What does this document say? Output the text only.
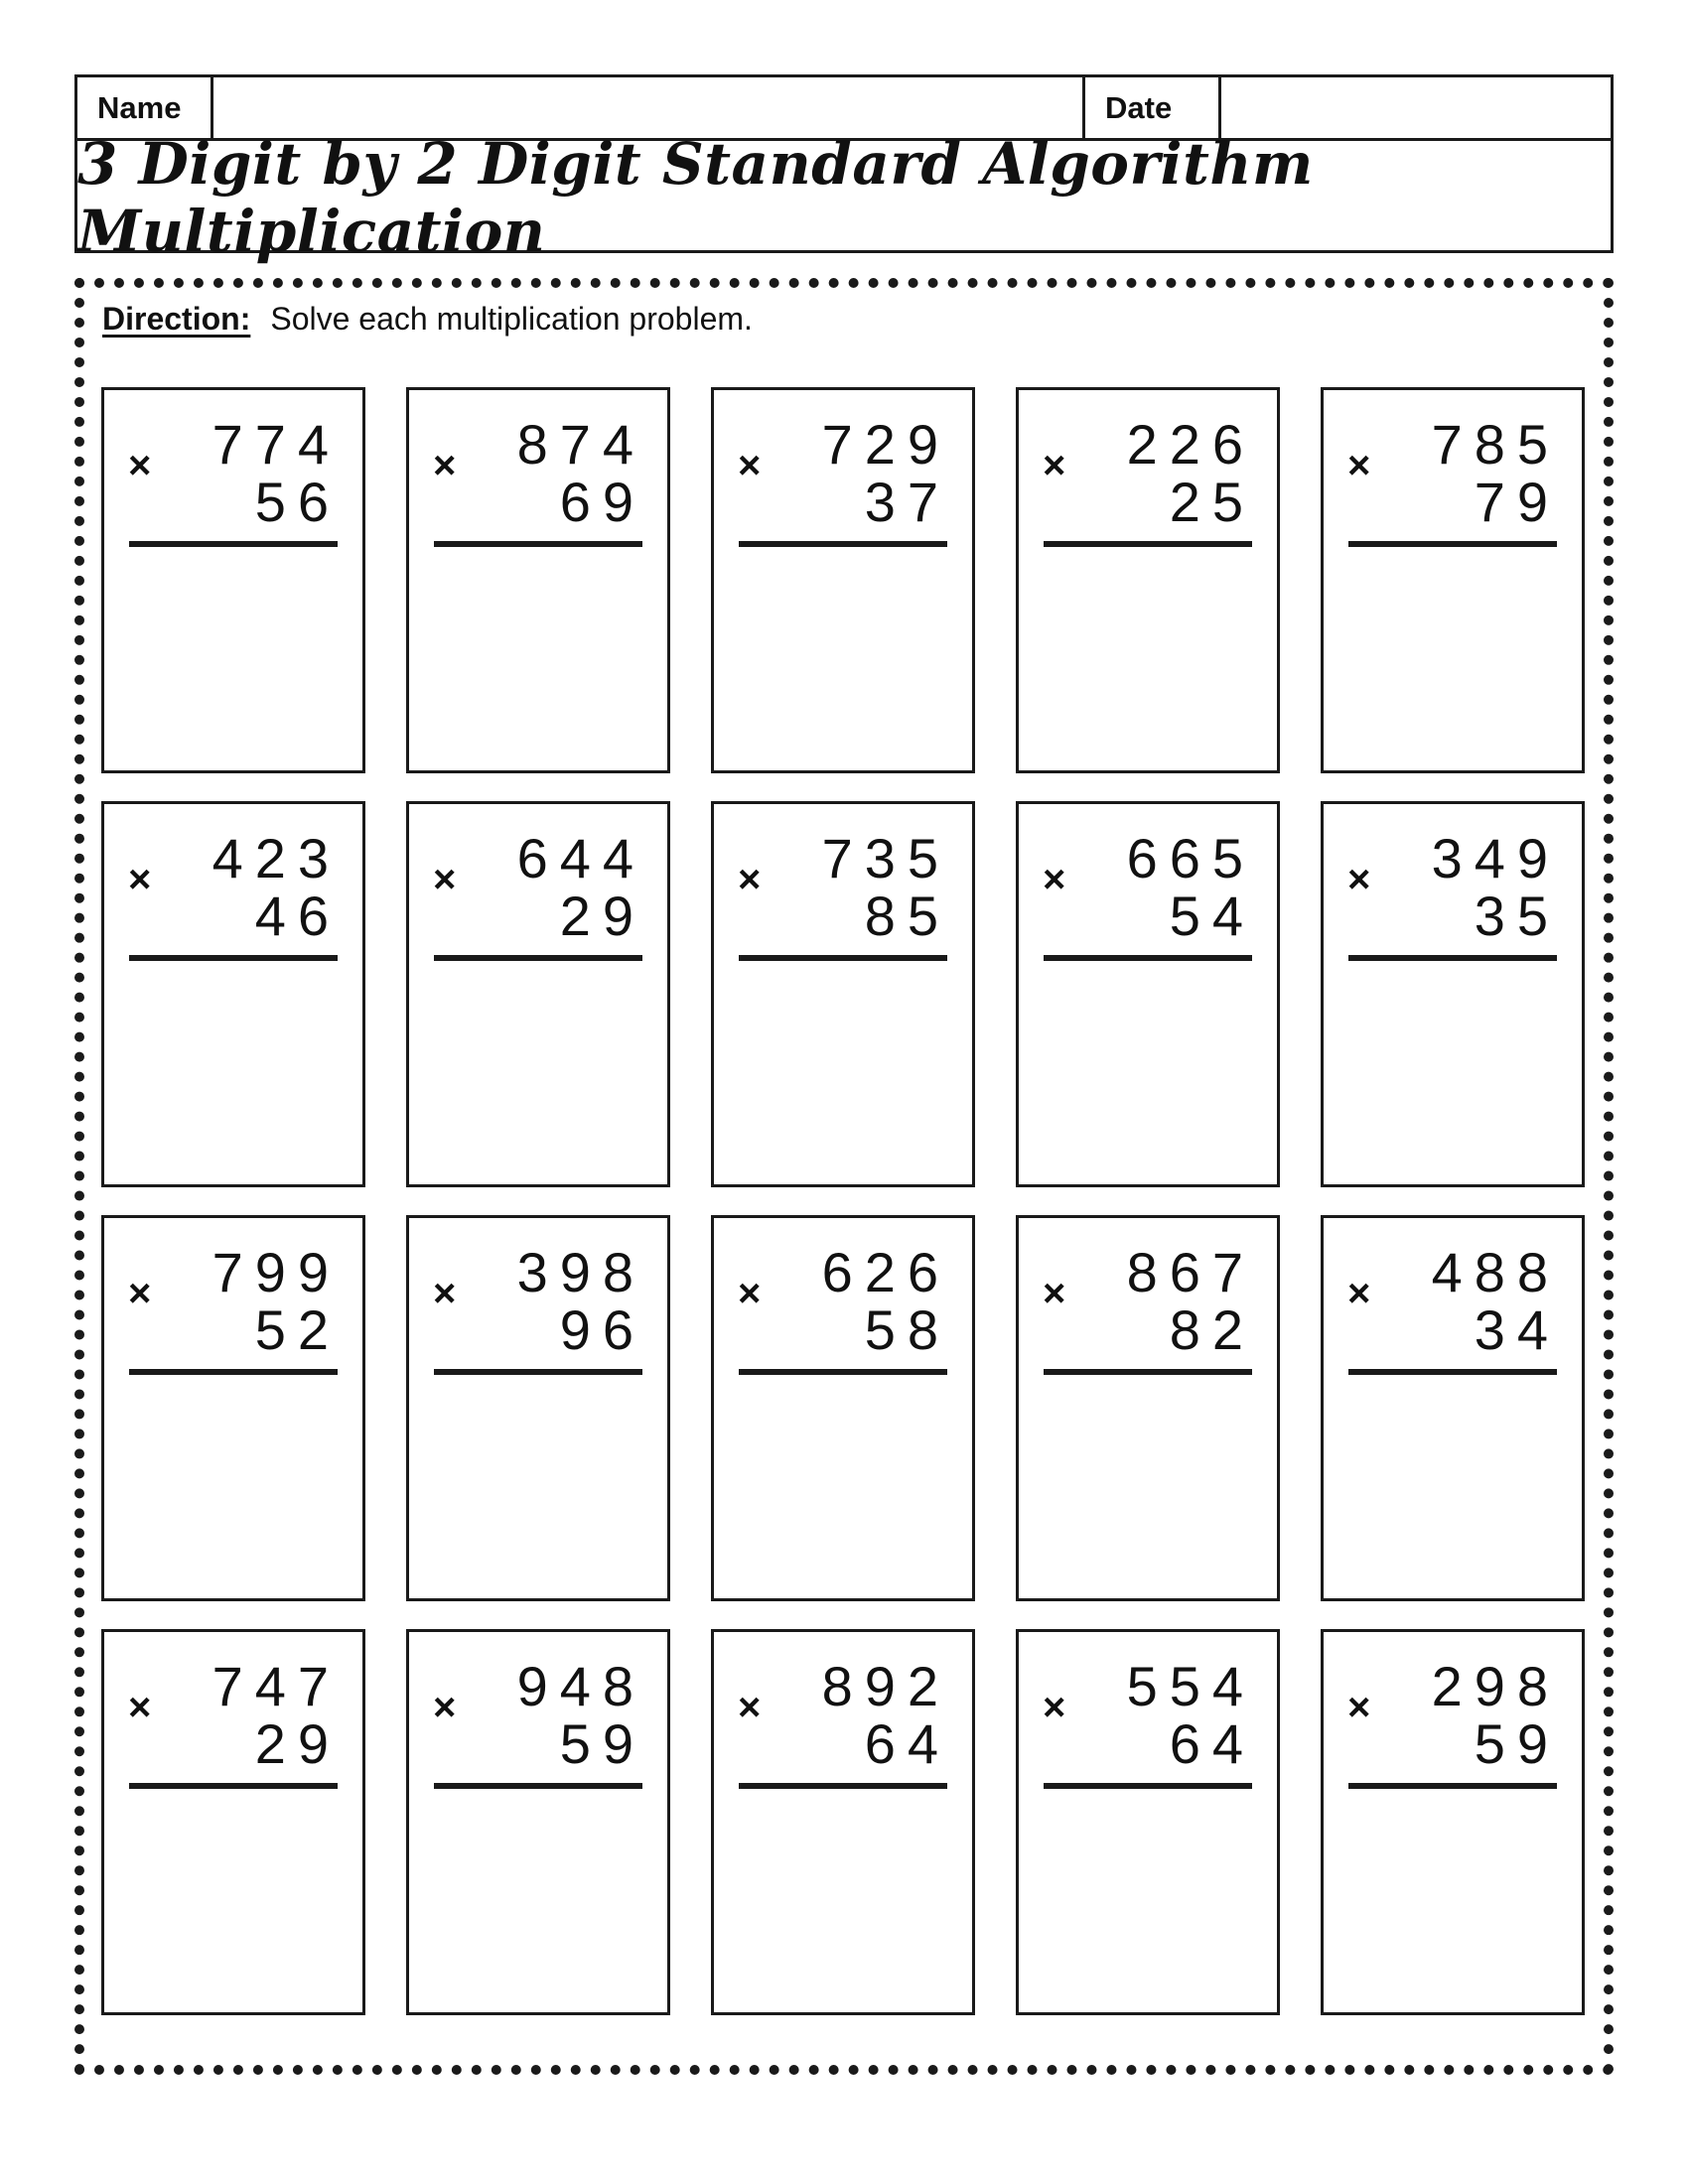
Name	Date
3 Digit by 2 Digit Standard Algorithm Multiplication
Direction: Solve each multiplication problem.
× 774
56
× 874
69
× 729
37
× 226
25
× 785
79
× 423
46
× 644
29
× 735
85
× 665
54
× 349
35
× 799
52
× 398
96
× 626
58
× 867
82
× 488
34
× 747
29
× 948
59
× 892
64
× 554
64
× 298
59
